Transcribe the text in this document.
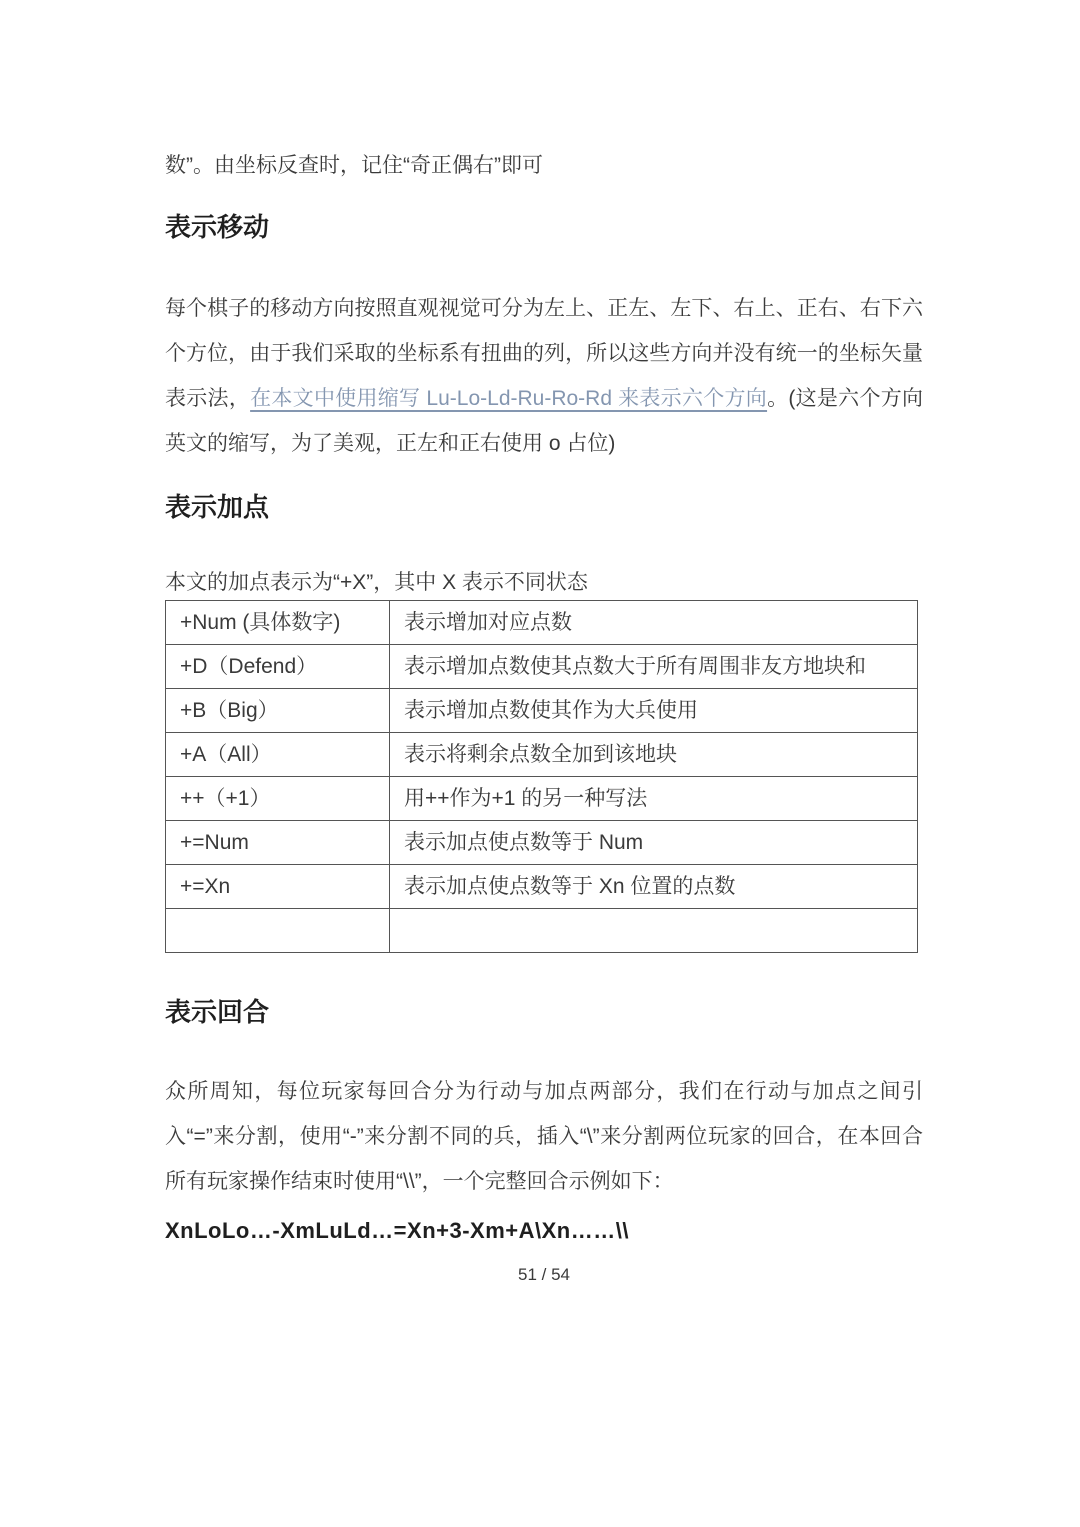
数”。由坐标反查时，记住“奇正偶右”即可

表示移动

每个棋子的移动方向按照直观视觉可分为左上、正左、左下、右上、正右、右下六个方位，由于我们采取的坐标系有扭曲的列，所以这些方向并没有统一的坐标矢量表示法，在本文中使用缩写 Lu-Lo-Ld-Ru-Ro-Rd 来表示六个方向。(这是六个方向英文的缩写，为了美观，正左和正右使用 o 占位)

表示加点

本文的加点表示为“+X”，其中 X 表示不同状态

+Num (具体数字)	表示增加对应点数
+D（Defend）	表示增加点数使其点数大于所有周围非友方地块和
+B（Big）	表示增加点数使其作为大兵使用
+A（All）	表示将剩余点数全加到该地块
++（+1）	用++作为+1 的另一种写法
+=Num	表示加点使点数等于 Num
+=Xn	表示加点使点数等于 Xn 位置的点数

表示回合

众所周知，每位玩家每回合分为行动与加点两部分，我们在行动与加点之间引入“=”来分割，使用“-”来分割不同的兵，插入“\”来分割两位玩家的回合，在本回合所有玩家操作结束时使用“\\”，一个完整回合示例如下：

XnLoLo…-XmLuLd…=Xn+3-Xm+A\Xn……\\

51 / 54
